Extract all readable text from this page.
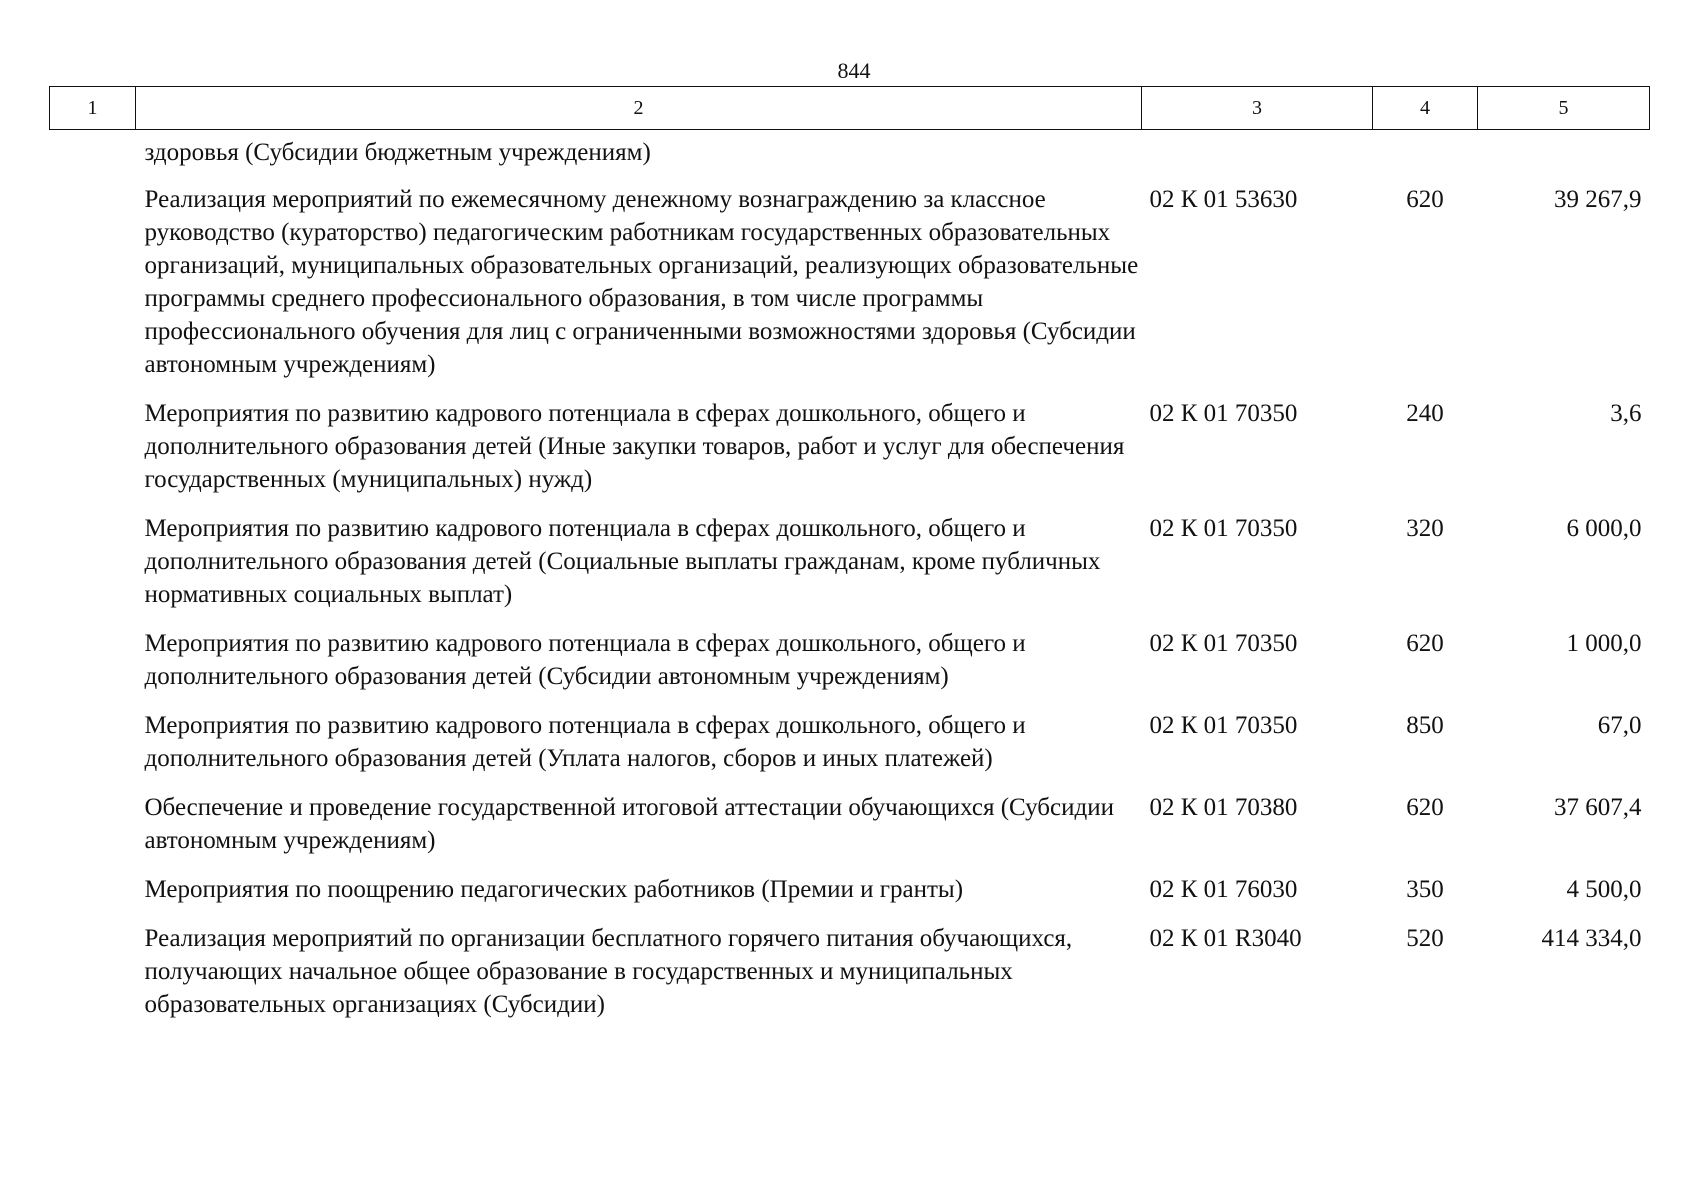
844
1	2	3	4	5

здоровья (Субсидии бюджетным учреждениям)				

Реализация мероприятий по ежемесячному денежному вознаграждению за классное руководство (кураторство) педагогическим работникам государственных образовательных организаций, муниципальных образовательных организаций, реализующих образовательные программы среднего профессионального образования, в том числе программы профессионального обучения для лиц с ограниченными возможностями здоровья (Субсидии автономным учреждениям)		02 К 01 53630	620	39 267,9

Мероприятия по развитию кадрового потенциала в сферах дошкольного, общего и дополнительного образования детей (Иные закупки товаров, работ и услуг для обеспечения государственных (муниципальных) нужд)		02 К 01 70350	240	3,6

Мероприятия по развитию кадрового потенциала в сферах дошкольного, общего и дополнительного образования детей (Социальные выплаты гражданам, кроме публичных нормативных социальных выплат)		02 К 01 70350	320	6 000,0

Мероприятия по развитию кадрового потенциала в сферах дошкольного, общего и дополнительного образования детей (Субсидии автономным учреждениям)		02 К 01 70350	620	1 000,0

Мероприятия по развитию кадрового потенциала в сферах дошкольного, общего и дополнительного образования детей (Уплата налогов, сборов и иных платежей)		02 К 01 70350	850	67,0

Обеспечение и проведение государственной итоговой аттестации обучающихся (Субсидии автономным учреждениям)		02 К 01 70380	620	37 607,4

Мероприятия по поощрению педагогических работников (Премии и гранты)		02 К 01 76030	350	4 500,0

Реализация мероприятий по организации бесплатного горячего питания обучающихся, получающих начальное общее образование в государственных и муниципальных образовательных организациях (Субсидии)		02 К 01 R3040	520	414 334,0
